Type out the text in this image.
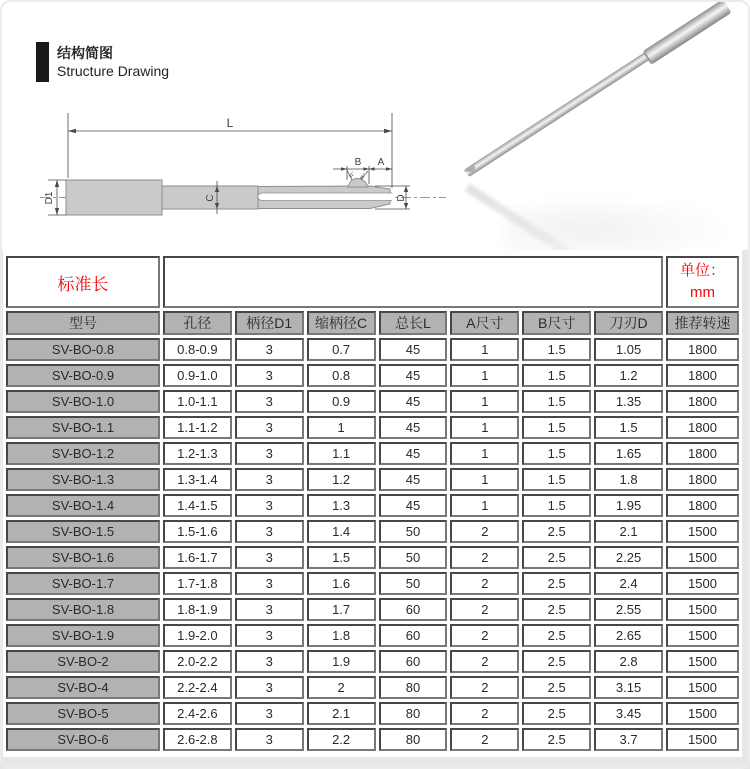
结构简图
Structure Drawing
L
D1	C
B A
32° 45°
D
标准长								单位：
mm

型号	孔径	柄径D1	缩柄径C	总长L	A尺寸	B尺寸	刀刃D	推荐转速
SV-BO-0.8	0.8-0.9	3	0.7	45	1	1.5	1.05	1800
SV-BO-0.9	0.9-1.0	3	0.8	45	1	1.5	1.2	1800
SV-BO-1.0	1.0-1.1	3	0.9	45	1	1.5	1.35	1800
SV-BO-1.1	1.1-1.2	3	1	45	1	1.5	1.5	1800
SV-BO-1.2	1.2-1.3	3	1.1	45	1	1.5	1.65	1800
SV-BO-1.3	1.3-1.4	3	1.2	45	1	1.5	1.8	1800
SV-BO-1.4	1.4-1.5	3	1.3	45	1	1.5	1.95	1800
SV-BO-1.5	1.5-1.6	3	1.4	50	2	2.5	2.1	1500
SV-BO-1.6	1.6-1.7	3	1.5	50	2	2.5	2.25	1500
SV-BO-1.7	1.7-1.8	3	1.6	50	2	2.5	2.4	1500
SV-BO-1.8	1.8-1.9	3	1.7	60	2	2.5	2.55	1500
SV-BO-1.9	1.9-2.0	3	1.8	60	2	2.5	2.65	1500
SV-BO-2	2.0-2.2	3	1.9	60	2	2.5	2.8	1500
SV-BO-4	2.2-2.4	3	2	80	2	2.5	3.15	1500
SV-BO-5	2.4-2.6	3	2.1	80	2	2.5	3.45	1500
SV-BO-6	2.6-2.8	3	2.2	80	2	2.5	3.7	1500
